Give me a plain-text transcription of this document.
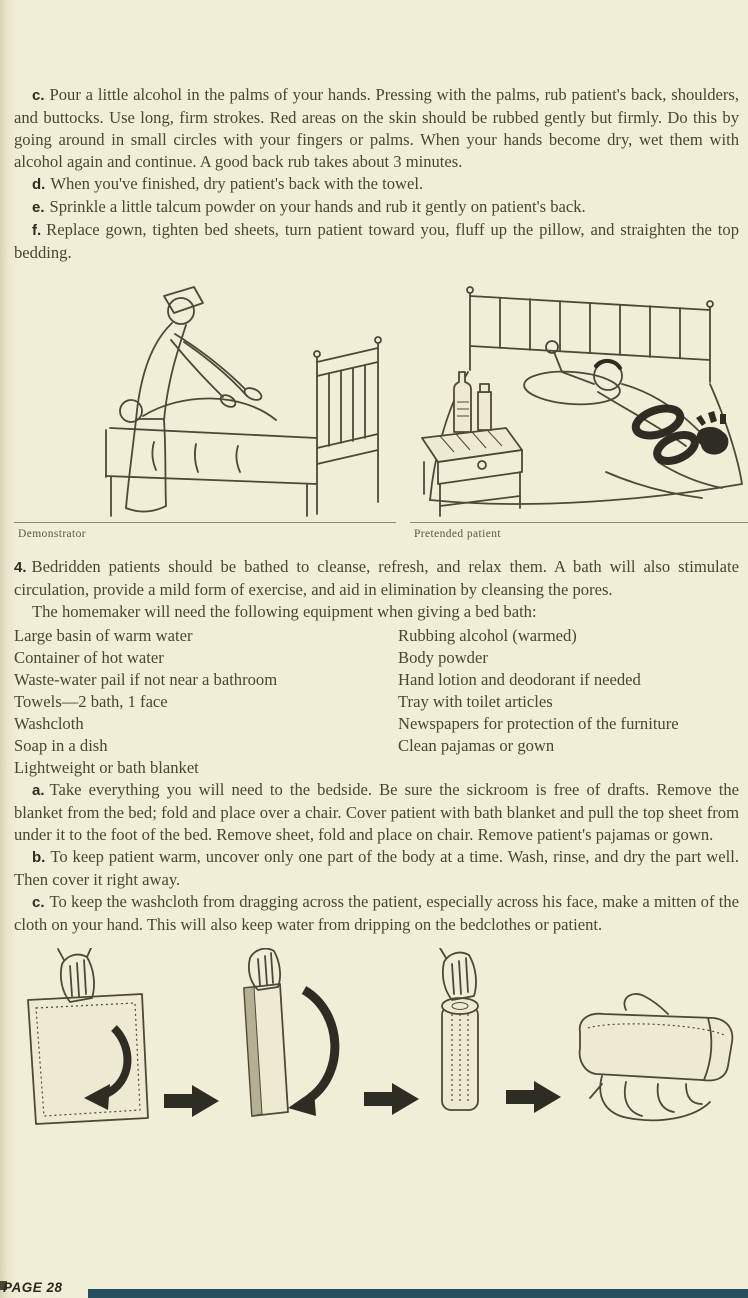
c. Pour a little alcohol in the palms of your hands. Pressing with the palms, rub patient's back, shoulders, and buttocks. Use long, firm strokes. Red areas on the skin should be rubbed gently but firmly. Do this by going around in small circles with your fingers or palms. When your hands become dry, wet them with alcohol again and continue. A good back rub takes about 3 minutes.

d. When you've finished, dry patient's back with the towel.

e. Sprinkle a little talcum powder on your hands and rub it gently on patient's back.

f. Replace gown, tighten bed sheets, turn patient toward you, fluff up the pillow, and straighten the top bedding.

Demonstrator	Pretended patient

4. Bedridden patients should be bathed to cleanse, refresh, and relax them. A bath will also stimulate circulation, provide a mild form of exercise, and aid in elimination by cleansing the pores.

The homemaker will need the following equipment when giving a bed bath:

Large basin of warm water
Container of hot water
Waste-water pail if not near a bathroom
Towels—2 bath, 1 face
Washcloth
Soap in a dish
Lightweight or bath blanket
Rubbing alcohol (warmed)
Body powder
Hand lotion and deodorant if needed
Tray with toilet articles
Newspapers for protection of the furniture
Clean pajamas or gown

a. Take everything you will need to the bedside. Be sure the sickroom is free of drafts. Remove the blanket from the bed; fold and place over a chair. Cover patient with bath blanket and pull the top sheet from under it to the foot of the bed. Remove sheet, fold and place on chair. Remove patient's pajamas or gown.

b. To keep patient warm, uncover only one part of the body at a time. Wash, rinse, and dry the part well. Then cover it right away.

c. To keep the washcloth from dragging across the patient, especially across his face, make a mitten of the cloth on your hand. This will also keep water from dripping on the bedclothes or patient.

PAGE 28
